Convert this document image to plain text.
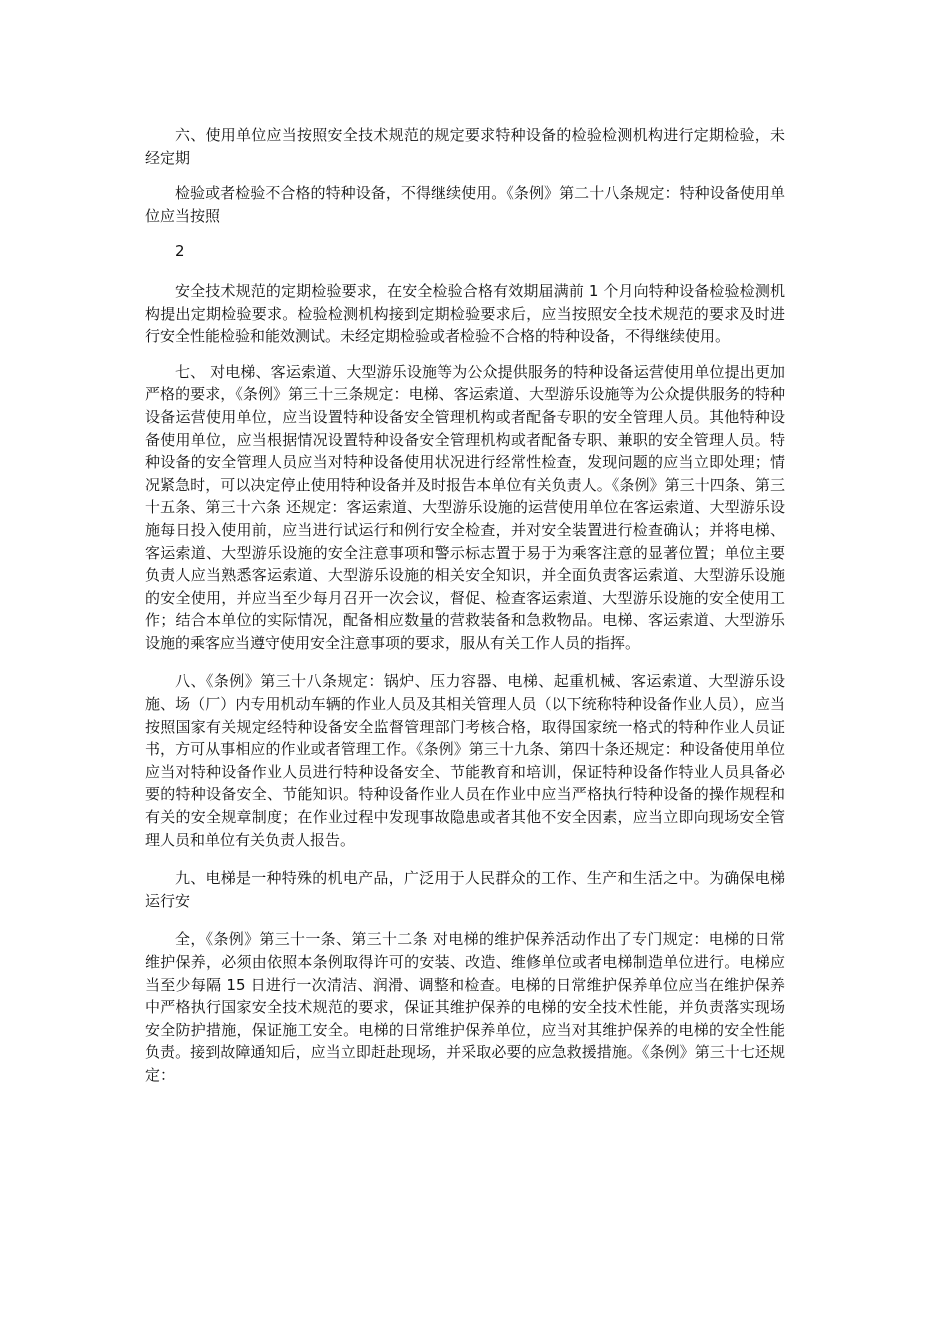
六、使用单位应当按照安全技术规范的规定要求特种设备的检验检测机构进行定期检验，未经定期

检验或者检验不合格的特种设备，不得继续使用。《条例》第二十八条规定：特种设备使用单位应当按照

2

安全技术规范的定期检验要求，在安全检验合格有效期届满前 1 个月向特种设备检验检测机构提出定期检验要求。检验检测机构接到定期检验要求后，应当按照安全技术规范的要求及时进行安全性能检验和能效测试。未经定期检验或者检验不合格的特种设备，不得继续使用。

七、 对电梯、客运索道、大型游乐设施等为公众提供服务的特种设备运营使用单位提出更加严格的要求，《条例》第三十三条规定：电梯、客运索道、大型游乐设施等为公众提供服务的特种设备运营使用单位，应当设置特种设备安全管理机构或者配备专职的安全管理人员。其他特种设备使用单位，应当根据情况设置特种设备安全管理机构或者配备专职、兼职的安全管理人员。特种设备的安全管理人员应当对特种设备使用状况进行经常性检查，发现问题的应当立即处理；情况紧急时，可以决定停止使用特种设备并及时报告本单位有关负责人。《条例》第三十四条、第三十五条、第三十六条 还规定：客运索道、大型游乐设施的运营使用单位在客运索道、大型游乐设施每日投入使用前，应当进行试运行和例行安全检查，并对安全装置进行检查确认；并将电梯、客运索道、大型游乐设施的安全注意事项和警示标志置于易于为乘客注意的显著位置；单位主要负责人应当熟悉客运索道、大型游乐设施的相关安全知识，并全面负责客运索道、大型游乐设施的安全使用，并应当至少每月召开一次会议，督促、检查客运索道、大型游乐设施的安全使用工作；结合本单位的实际情况，配备相应数量的营救装备和急救物品。电梯、客运索道、大型游乐设施的乘客应当遵守使用安全注意事项的要求，服从有关工作人员的指挥。

八、《条例》第三十八条规定：锅炉、压力容器、电梯、起重机械、客运索道、大型游乐设施、场（厂）内专用机动车辆的作业人员及其相关管理人员（以下统称特种设备作业人员），应当按照国家有关规定经特种设备安全监督管理部门考核合格，取得国家统一格式的特种作业人员证书，方可从事相应的作业或者管理工作。《条例》第三十九条、第四十条还规定：种设备使用单位应当对特种设备作业人员进行特种设备安全、节能教育和培训，保证特种设备作特业人员具备必要的特种设备安全、节能知识。特种设备作业人员在作业中应当严格执行特种设备的操作规程和有关的安全规章制度；在作业过程中发现事故隐患或者其他不安全因素，应当立即向现场安全管理人员和单位有关负责人报告。

九、电梯是一种特殊的机电产品，广泛用于人民群众的工作、生产和生活之中。为确保电梯运行安

全，《条例》第三十一条、第三十二条 对电梯的维护保养活动作出了专门规定：电梯的日常维护保养，必须由依照本条例取得许可的安装、改造、维修单位或者电梯制造单位进行。电梯应当至少每隔 15 日进行一次清洁、润滑、调整和检查。电梯的日常维护保养单位应当在维护保养中严格执行国家安全技术规范的要求，保证其维护保养的电梯的安全技术性能，并负责落实现场安全防护措施，保证施工安全。电梯的日常维护保养单位，应当对其维护保养的电梯的安全性能负责。接到故障通知后，应当立即赶赴现场，并采取必要的应急救援措施。《条例》第三十七还规定：
